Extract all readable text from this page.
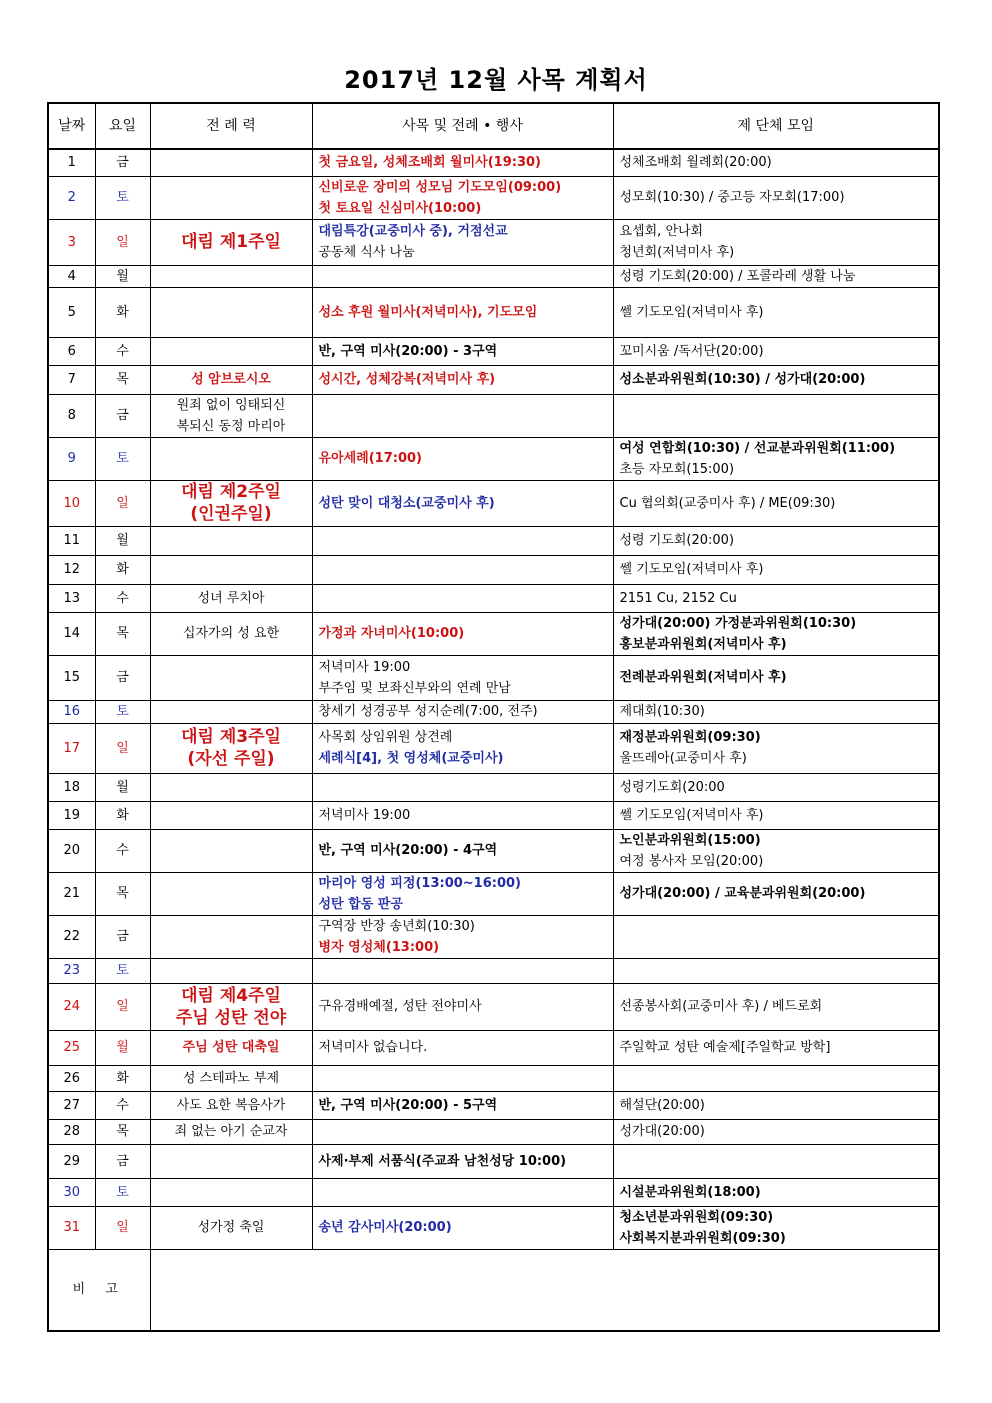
2017년 12월 사목 계획서
날짜	요일	전 례 력	사목 및 전례 • 행사	제 단체 모임
1	금		첫 금요일, 성체조배회 월미사(19:30)	성체조배회 월례회(20:00)

2	토		신비로운 장미의 성모님 기도모임(09:00)
첫 토요일 신심미사(10:00)	성모회(10:30) / 중고등 자모회(17:00)

3	일	대림 제1주일	대림특강(교중미사 중), 거점선교
공동체 식사 나눔	요셉회, 안나회
청년회(저녁미사 후)

4	월			성령 기도회(20:00) / 포콜라레 생활 나눔

5	화		성소 후원 월미사(저녁미사), 기도모임	쎌 기도모임(저녁미사 후)

6	수		반, 구역 미사(20:00) - 3구역	꼬미시움 /독서단(20:00)

7	목	성 암브로시오	성시간, 성체강복(저녁미사 후)	성소분과위원회(10:30) / 성가대(20:00)

8	금	원죄 없이 잉태되신
복되신 동정 마리아		

9	토		유아세례(17:00)	여성 연합회(10:30) / 선교분과위원회(11:00)
초등 자모회(15:00)

10	일	대림 제2주일
(인권주일)	성탄 맞이 대청소(교중미사 후)	Cu 협의회(교중미사 후) / ME(09:30)

11	월			성령 기도회(20:00)

12	화			쎌 기도모임(저녁미사 후)

13	수	성녀 루치아		2151 Cu, 2152 Cu

14	목	십자가의 성 요한	가정과 자녀미사(10:00)	성가대(20:00) 가정분과위원회(10:30)
홍보분과위원회(저녁미사 후)

15	금		저녁미사 19:00
부주임 및 보좌신부와의 연례 만남	전례분과위원회(저녁미사 후)

16	토		창세기 성경공부 성지순례(7:00, 전주)	제대회(10:30)

17	일	대림 제3주일
(자선 주일)	사목회 상임위원 상견례
세례식[4], 첫 영성체(교중미사)	재정분과위원회(09:30)
울뜨레아(교중미사 후)

18	월			성령기도회(20:00

19	화		저녁미사 19:00	쎌 기도모임(저녁미사 후)

20	수		반, 구역 미사(20:00) - 4구역	노인분과위원회(15:00)
여정 봉사자 모임(20:00)

21	목		마리아 영성 피정(13:00~16:00)
성탄 합동 판공	성가대(20:00) / 교육분과위원회(20:00)

22	금		구역장 반장 송년회(10:30)
병자 영성체(13:00)	

23	토			
24	일	대림 제4주일
주님 성탄 전야	구유경배예절, 성탄 전야미사	선종봉사회(교중미사 후) / 베드로회

25	월	주님 성탄 대축일	저녁미사 없습니다.	주일학교 성탄 예술제[주일학교 방학]

26	화	성 스테파노 부제		

27	수	사도 요한 복음사가	반, 구역 미사(20:00) - 5구역	해설단(20:00)

28	목	죄 없는 아기 순교자		성가대(20:00)

29	금		사제·부제 서품식(주교좌 남천성당 10:00)	

30	토			시설분과위원회(18:00)

31	일	성가정 축일	송년 감사미사(20:00)	청소년분과위원회(09:30)
사회복지분과위원회(09:30)

비 고				
